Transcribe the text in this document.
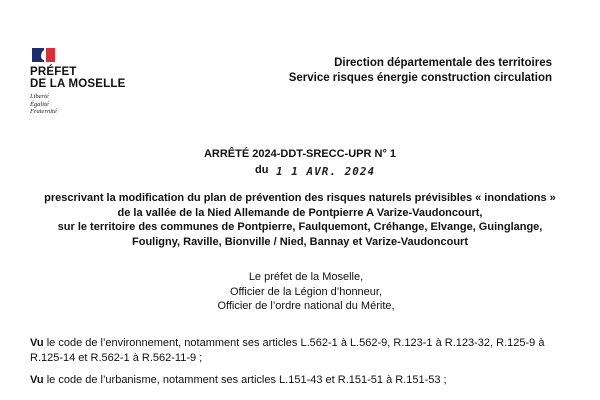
PRÉFET
DE LA MOSELLE
Liberté
Égalité
Fraternité
Direction départementale des territoires
Service risques énergie construction circulation
ARRÊTÉ 2024-DDT-SRECC-UPR N° 1
du 1 1 AVR. 2024
prescrivant la modification du plan de prévention des risques naturels prévisibles « inondations »
de la vallée de la Nied Allemande de Pontpierre A Varize-Vaudoncourt,
sur le territoire des communes de Pontpierre, Faulquemont, Créhange, Elvange, Guinglange,
Fouligny, Raville, Bionville / Nied, Bannay et Varize-Vaudoncourt
Le préfet de la Moselle,
Officier de la Légion d’honneur,
Officier de l’ordre national du Mérite,
Vu le code de l’environnement, notamment ses articles L.562-1 à L.562-9, R.123-1 à R.123-32, R.125-9 à R.125-14 et R.562-1 à R.562-11-9 ;
Vu le code de l’urbanisme, notamment ses articles L.151-43 et R.151-51 à R.151-53 ;
